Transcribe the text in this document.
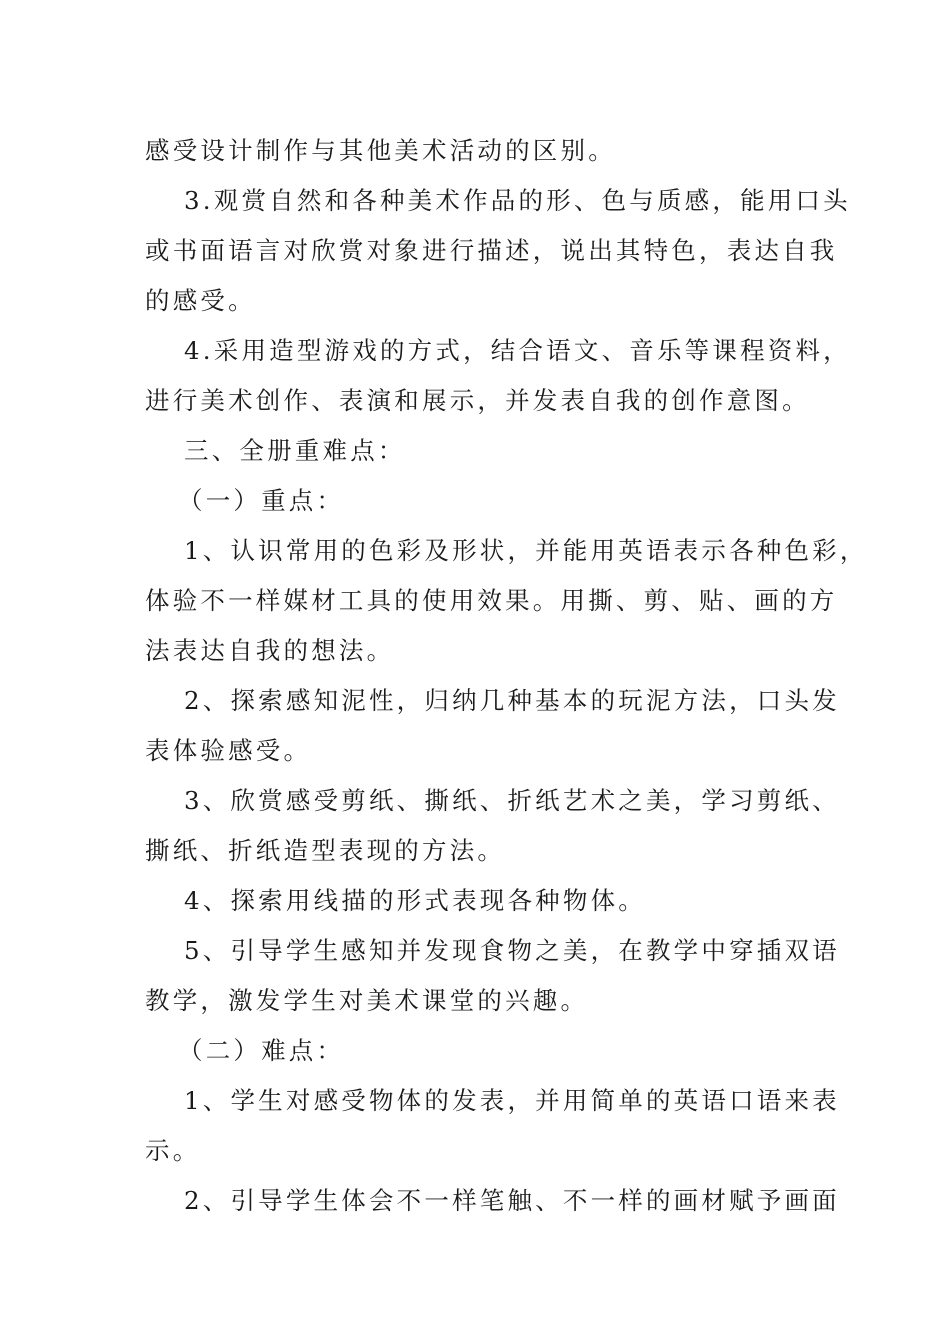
感受设计制作与其他美术活动的区别。
3.观赏自然和各种美术作品的形、色与质感，能用口头
或书面语言对欣赏对象进行描述，说出其特色，表达自我
的感受。
4.采用造型游戏的方式，结合语文、音乐等课程资料，
进行美术创作、表演和展示，并发表自我的创作意图。
三、全册重难点：
（一）重点：
1、认识常用的色彩及形状，并能用英语表示各种色彩，
体验不一样媒材工具的使用效果。用撕、剪、贴、画的方
法表达自我的想法。
2、探索感知泥性，归纳几种基本的玩泥方法，口头发
表体验感受。
3、欣赏感受剪纸、撕纸、折纸艺术之美，学习剪纸、
撕纸、折纸造型表现的方法。
4、探索用线描的形式表现各种物体。
5、引导学生感知并发现食物之美，在教学中穿插双语
教学，激发学生对美术课堂的兴趣。
（二）难点：
1、学生对感受物体的发表，并用简单的英语口语来表
示。
2、引导学生体会不一样笔触、不一样的画材赋予画面
